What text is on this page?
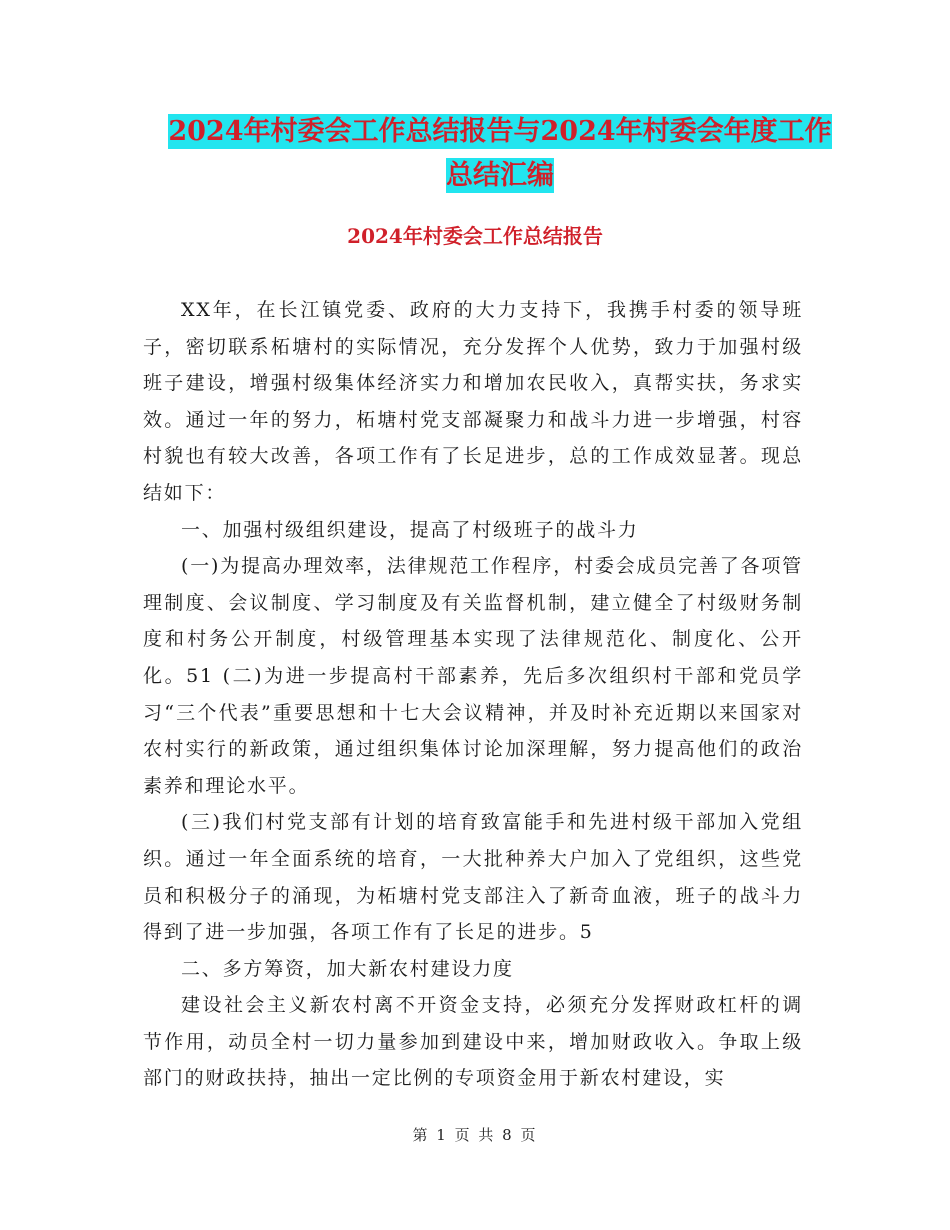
2024年村委会工作总结报告与2024年村委会年度工作
总结汇编
2024年村委会工作总结报告

XX年，在长江镇党委、政府的大力支持下，我携手村委的领导班子，密切联系柘塘村的实际情况，充分发挥个人优势，致力于加强村级班子建设，增强村级集体经济实力和增加农民收入，真帮实扶，务求实效。通过一年的努力，柘塘村党支部凝聚力和战斗力进一步增强，村容村貌也有较大改善，各项工作有了长足进步，总的工作成效显著。现总结如下：

一、加强村级组织建设，提高了村级班子的战斗力

(一)为提高办理效率，法律规范工作程序，村委会成员完善了各项管理制度、会议制度、学习制度及有关监督机制，建立健全了村级财务制度和村务公开制度，村级管理基本实现了法律规范化、制度化、公开化。51 (二)为进一步提高村干部素养，先后多次组织村干部和党员学习“三个代表”重要思想和十七大会议精神，并及时补充近期以来国家对农村实行的新政策，通过组织集体讨论加深理解，努力提高他们的政治素养和理论水平。

(三)我们村党支部有计划的培育致富能手和先进村级干部加入党组织。通过一年全面系统的培育，一大批种养大户加入了党组织，这些党员和积极分子的涌现，为柘塘村党支部注入了新奇血液，班子的战斗力得到了进一步加强，各项工作有了长足的进步。5

二、多方筹资，加大新农村建设力度

建设社会主义新农村离不开资金支持，必须充分发挥财政杠杆的调节作用，动员全村一切力量参加到建设中来，增加财政收入。争取上级部门的财政扶持，抽出一定比例的专项资金用于新农村建设，实

第 1 页 共 8 页
